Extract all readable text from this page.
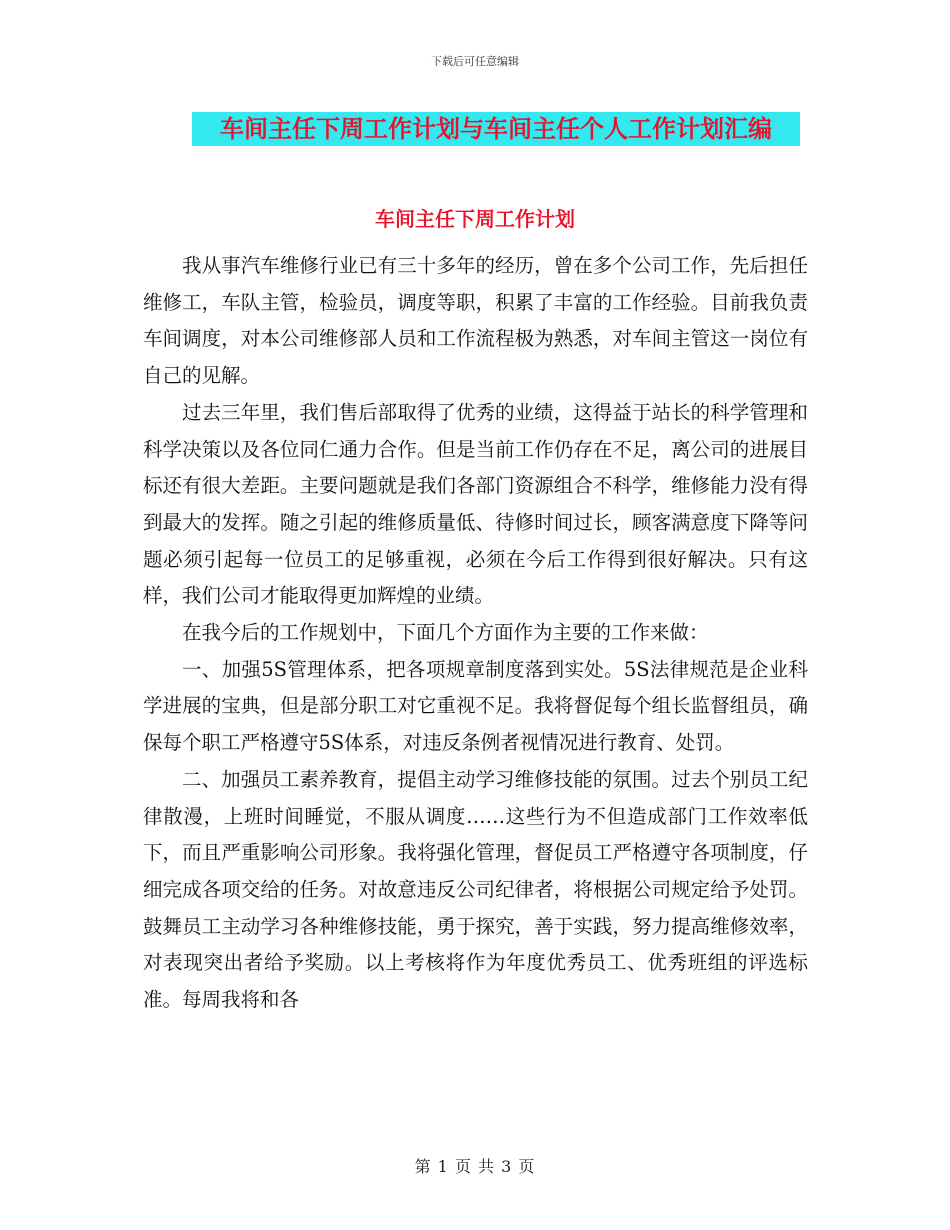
下载后可任意编辑
车间主任下周工作计划与车间主任个人工作计划汇编
车间主任下周工作计划

我从事汽车维修行业已有三十多年的经历，曾在多个公司工作，先后担任维修工，车队主管，检验员，调度等职，积累了丰富的工作经验。目前我负责车间调度，对本公司维修部人员和工作流程极为熟悉，对车间主管这一岗位有自己的见解。

过去三年里，我们售后部取得了优秀的业绩，这得益于站长的科学管理和科学决策以及各位同仁通力合作。但是当前工作仍存在不足，离公司的进展目标还有很大差距。主要问题就是我们各部门资源组合不科学，维修能力没有得到最大的发挥。随之引起的维修质量低、待修时间过长，顾客满意度下降等问题必须引起每一位员工的足够重视，必须在今后工作得到很好解决。只有这样，我们公司才能取得更加辉煌的业绩。

在我今后的工作规划中，下面几个方面作为主要的工作来做：

一、加强5S管理体系，把各项规章制度落到实处。5S法律规范是企业科学进展的宝典，但是部分职工对它重视不足。我将督促每个组长监督组员，确保每个职工严格遵守5S体系，对违反条例者视情况进行教育、处罚。

二、加强员工素养教育，提倡主动学习维修技能的氛围。过去个别员工纪律散漫，上班时间睡觉，不服从调度……这些行为不但造成部门工作效率低下，而且严重影响公司形象。我将强化管理，督促员工严格遵守各项制度，仔细完成各项交给的任务。对故意违反公司纪律者，将根据公司规定给予处罚。鼓舞员工主动学习各种维修技能，勇于探究，善于实践，努力提高维修效率，对表现突出者给予奖励。以上考核将作为年度优秀员工、优秀班组的评选标准。每周我将和各

第 1 页 共 3 页
